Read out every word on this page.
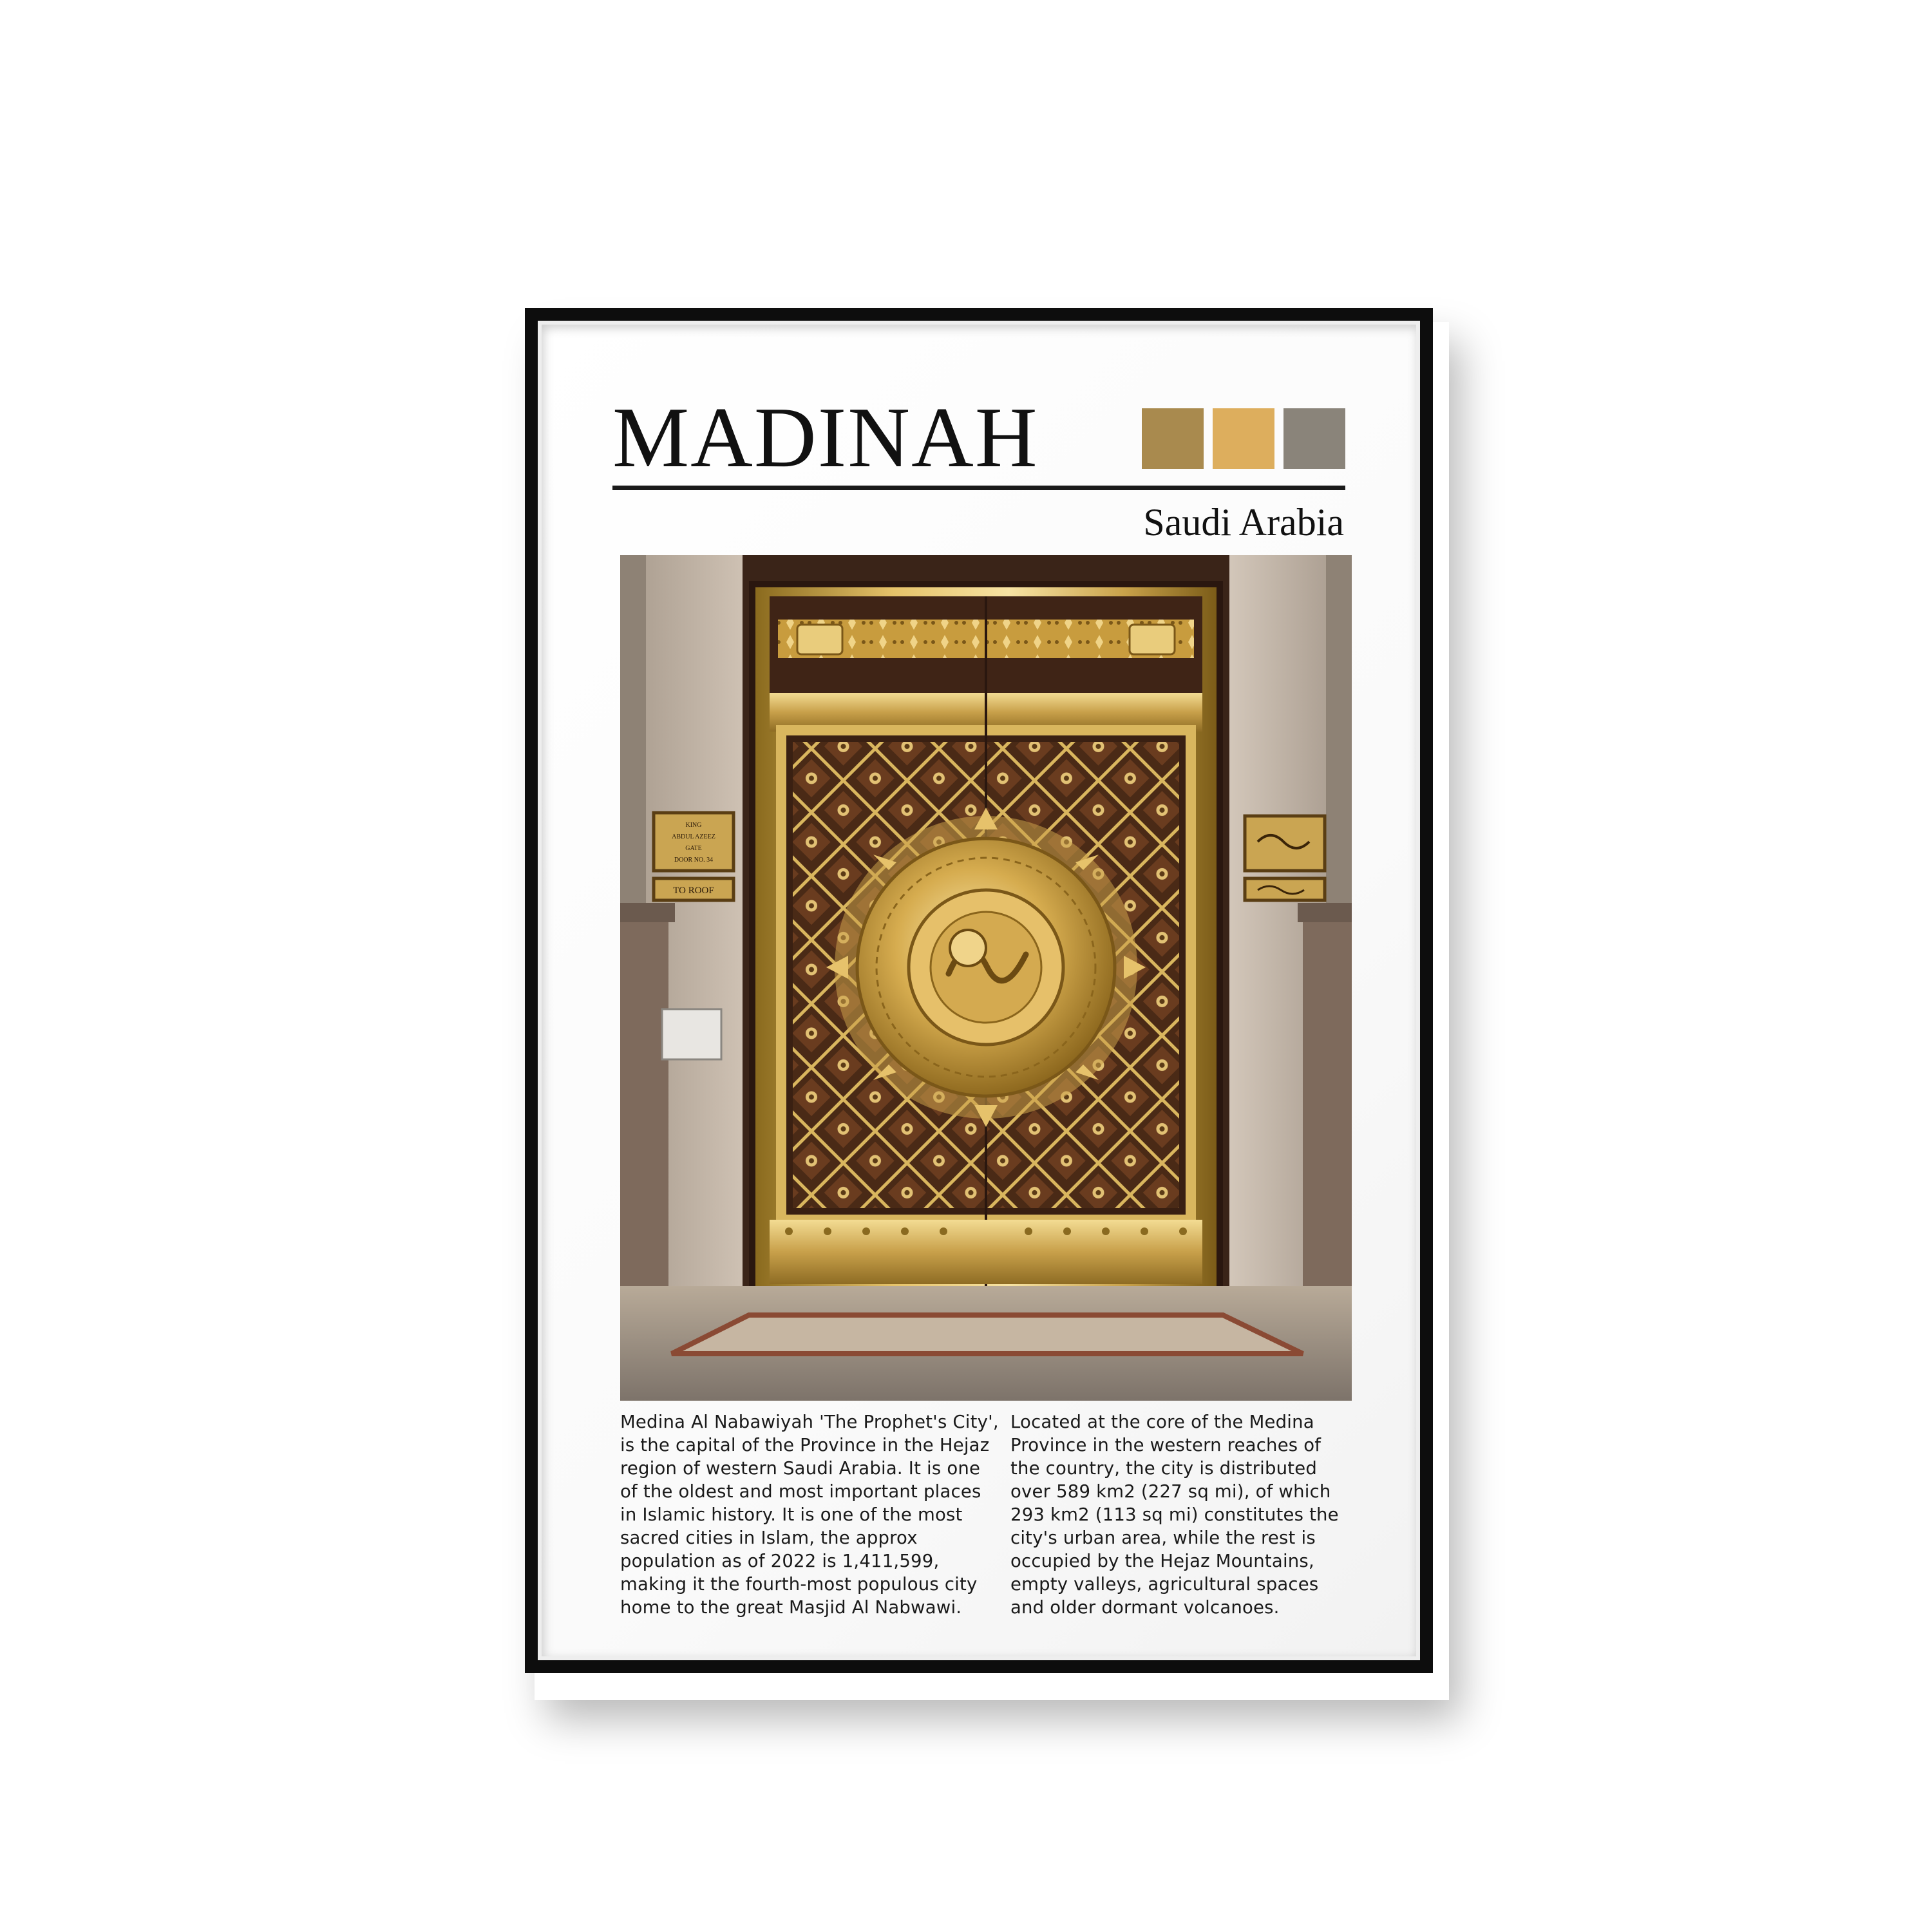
MADINAH

Saudi Arabia

KING
ABDUL AZEEZ
GATE
DOOR NO. 34
TO ROOF

Medina Al Nabawiyah 'The Prophet's City', is the capital of the Province in the Hejaz region of western Saudi Arabia. It is one of the oldest and most important places in Islamic history. It is one of the most sacred cities in Islam, the approx population as of 2022 is 1,411,599, making it the fourth-most populous city home to the great Masjid Al Nabwawi.

Located at the core of the Medina Province in the western reaches of the country, the city is distributed over 589 km2 (227 sq mi), of which 293 km2 (113 sq mi) constitutes the city's urban area, while the rest is occupied by the Hejaz Mountains, empty valleys, agricultural spaces and older dormant volcanoes.
